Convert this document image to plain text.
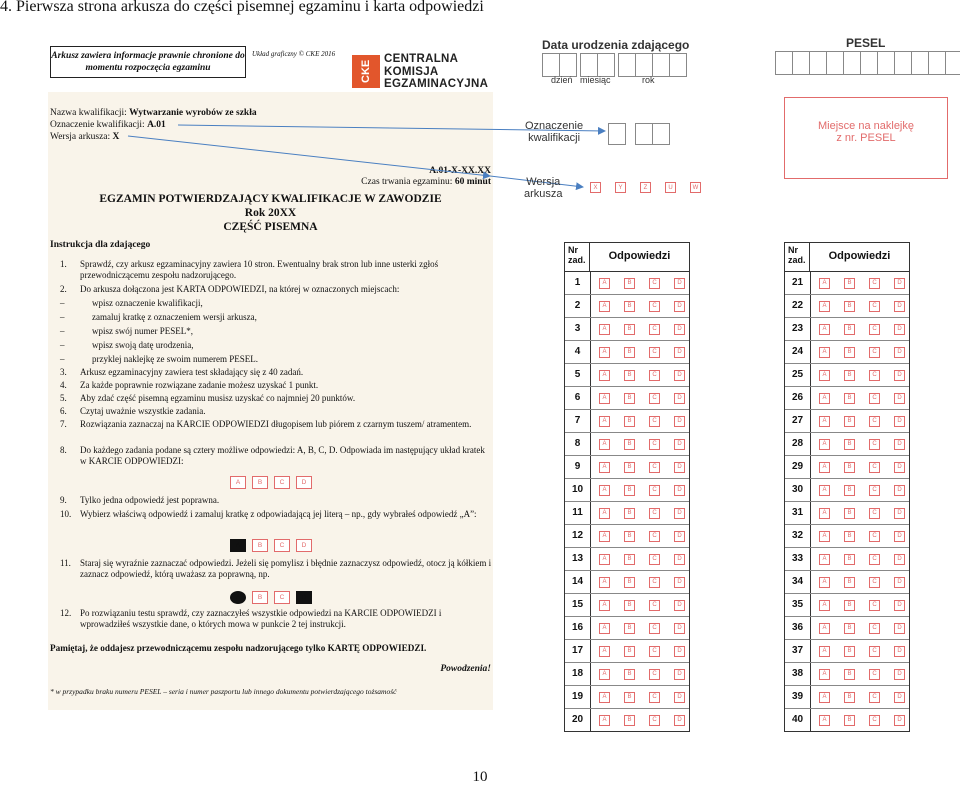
4. Pierwsza strona arkusza do części pisemnej egzaminu i karta odpowiedzi
Arkusz zawiera informacje prawnie chronione do momentu rozpoczęcia egzaminu
Układ graficzny © CKE 2016
CKE
CENTRALNA
KOMISJA
EGZAMINACYJNA
Nazwa kwalifikacji: Wytwarzanie wyrobów ze szkła
Oznaczenie kwalifikacji: A.01
Wersja arkusza: X
A.01-X-XX.XX
Czas trwania egzaminu: 60 minut
EGZAMIN POTWIERDZAJĄCY KWALIFIKACJE W ZAWODZIE
Rok 20XX
CZĘŚĆ PISEMNA
Instrukcja dla zdającego
1. Sprawdź, czy arkusz egzaminacyjny zawiera 10 stron. Ewentualny brak stron lub inne usterki zgłoś przewodniczącemu zespołu nadzorującego.
2. Do arkusza dołączona jest KARTA ODPOWIEDZI, na której w oznaczonych miejscach:
–	wpisz oznaczenie kwalifikacji,
–	zamaluj kratkę z oznaczeniem wersji arkusza,
–	wpisz swój numer PESEL*,
–	wpisz swoją datę urodzenia,
–	przyklej naklejkę ze swoim numerem PESEL.
3. Arkusz egzaminacyjny zawiera test składający się z 40 zadań.
4. Za każde poprawnie rozwiązane zadanie możesz uzyskać 1 punkt.
5. Aby zdać część pisemną egzaminu musisz uzyskać co najmniej 20 punktów.
6. Czytaj uważnie wszystkie zadania.
7. Rozwiązania zaznaczaj na KARCIE ODPOWIEDZI długopisem lub piórem z czarnym tuszem/ atramentem.
8. Do każdego zadania podane są cztery możliwe odpowiedzi: A, B, C, D. Odpowiada im następujący układ kratek w KARCIE ODPOWIEDZI:
A	B	C	D
9. Tylko jedna odpowiedź jest poprawna.
10. Wybierz właściwą odpowiedź i zamaluj kratkę z odpowiadającą jej literą – np., gdy wybrałeś odpowiedź „A”:
A	B	C	D
11. Staraj się wyraźnie zaznaczać odpowiedzi. Jeżeli się pomylisz i błędnie zaznaczysz odpowiedź, otocz ją kółkiem i zaznacz odpowiedź, którą uważasz za poprawną, np.
A	B	C	D
12. Po rozwiązaniu testu sprawdź, czy zaznaczyłeś wszystkie odpowiedzi na KARCIE ODPOWIEDZI i wprowadziłeś wszystkie dane, o których mowa w punkcie 2 tej instrukcji.
Pamiętaj, że oddajesz przewodniczącemu zespołu nadzorującego tylko KARTĘ ODPOWIEDZI.
Powodzenia!
* w przypadku braku numeru PESEL – seria i numer paszportu lub innego dokumentu potwierdzającego tożsamość
Data urodzenia zdającego
dzień miesiąc	rok
PESEL
Oznaczenie
kwalifikacji
Miejsce na naklejkę
z nr. PESEL
Wersja
arkusza
X	Y	Z	U	W
Nr
zad.	Odpowiedzi
1	A	B	C	D
2	A	B	C	D
3	A	B	C	D
4	A	B	C	D
5	A	B	C	D
6	A	B	C	D
7	A	B	C	D
8	A	B	C	D
9	A	B	C	D
10	A	B	C	D
11	A	B	C	D
12	A	B	C	D
13	A	B	C	D
14	A	B	C	D
15	A	B	C	D
16	A	B	C	D
17	A	B	C	D
18	A	B	C	D
19	A	B	C	D
20	A	B	C	D
Nr
zad.	Odpowiedzi
21	A	B	C	D
22	A	B	C	D
23	A	B	C	D
24	A	B	C	D
25	A	B	C	D
26	A	B	C	D
27	A	B	C	D
28	A	B	C	D
29	A	B	C	D
30	A	B	C	D
31	A	B	C	D
32	A	B	C	D
33	A	B	C	D
34	A	B	C	D
35	A	B	C	D
36	A	B	C	D
37	A	B	C	D
38	A	B	C	D
39	A	B	C	D
40	A	B	C	D
10
